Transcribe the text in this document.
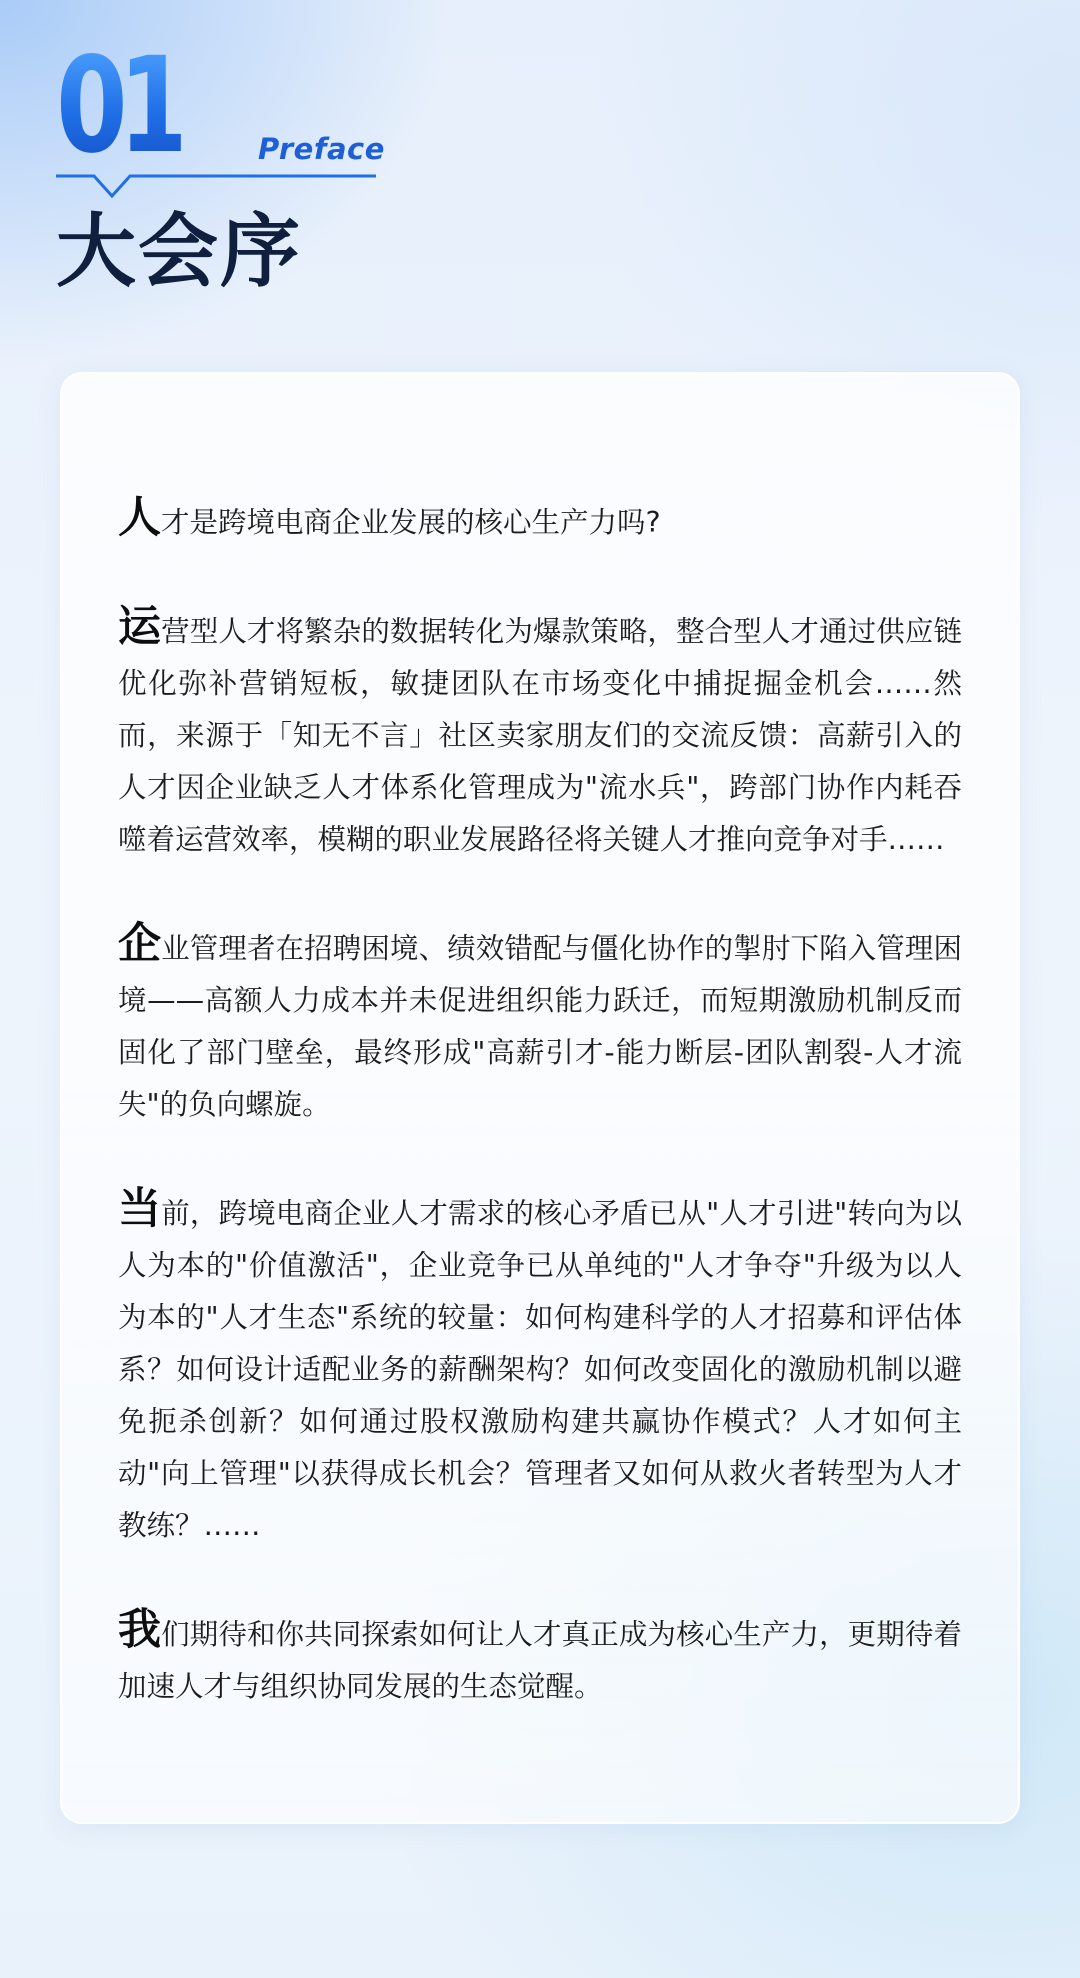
01	Preface
大会序

人才是跨境电商企业发展的核心生产力吗?

运营型人才将繁杂的数据转化为爆款策略，整合型人才通过供应链优化弥补营销短板，敏捷团队在市场变化中捕捉掘金机会……然而，来源于「知无不言」社区卖家朋友们的交流反馈：高薪引入的人才因企业缺乏人才体系化管理成为"流水兵"，跨部门协作内耗吞噬着运营效率，模糊的职业发展路径将关键人才推向竞争对手……

企业管理者在招聘困境、绩效错配与僵化协作的掣肘下陷入管理困境——高额人力成本并未促进组织能力跃迁，而短期激励机制反而固化了部门壁垒，最终形成"高薪引才-能力断层-团队割裂-人才流失"的负向螺旋。

当前，跨境电商企业人才需求的核心矛盾已从"人才引进"转向为以人为本的"价值激活"，企业竞争已从单纯的"人才争夺"升级为以人为本的"人才生态"系统的较量：如何构建科学的人才招募和评估体系？如何设计适配业务的薪酬架构？如何改变固化的激励机制以避免扼杀创新？如何通过股权激励构建共赢协作模式？人才如何主动"向上管理"以获得成长机会？管理者又如何从救火者转型为人才教练？……

我们期待和你共同探索如何让人才真正成为核心生产力，更期待着加速人才与组织协同发展的生态觉醒。
